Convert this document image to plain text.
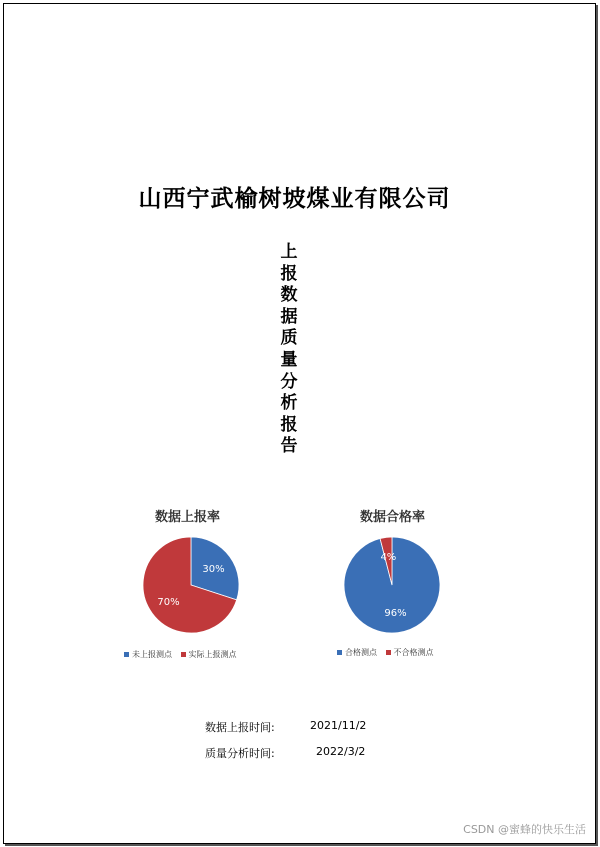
山西宁武榆树坡煤业有限公司
上
报
数
据
质
量
分
析
报
告
数据上报率
30%
70%
未上报测点 实际上报测点
数据合格率
96%
4%
合格测点 不合格测点
数据上报时间:	2021/11/2
质量分析时间:	2022/3/2
CSDN @蜜蜂的快乐生活
